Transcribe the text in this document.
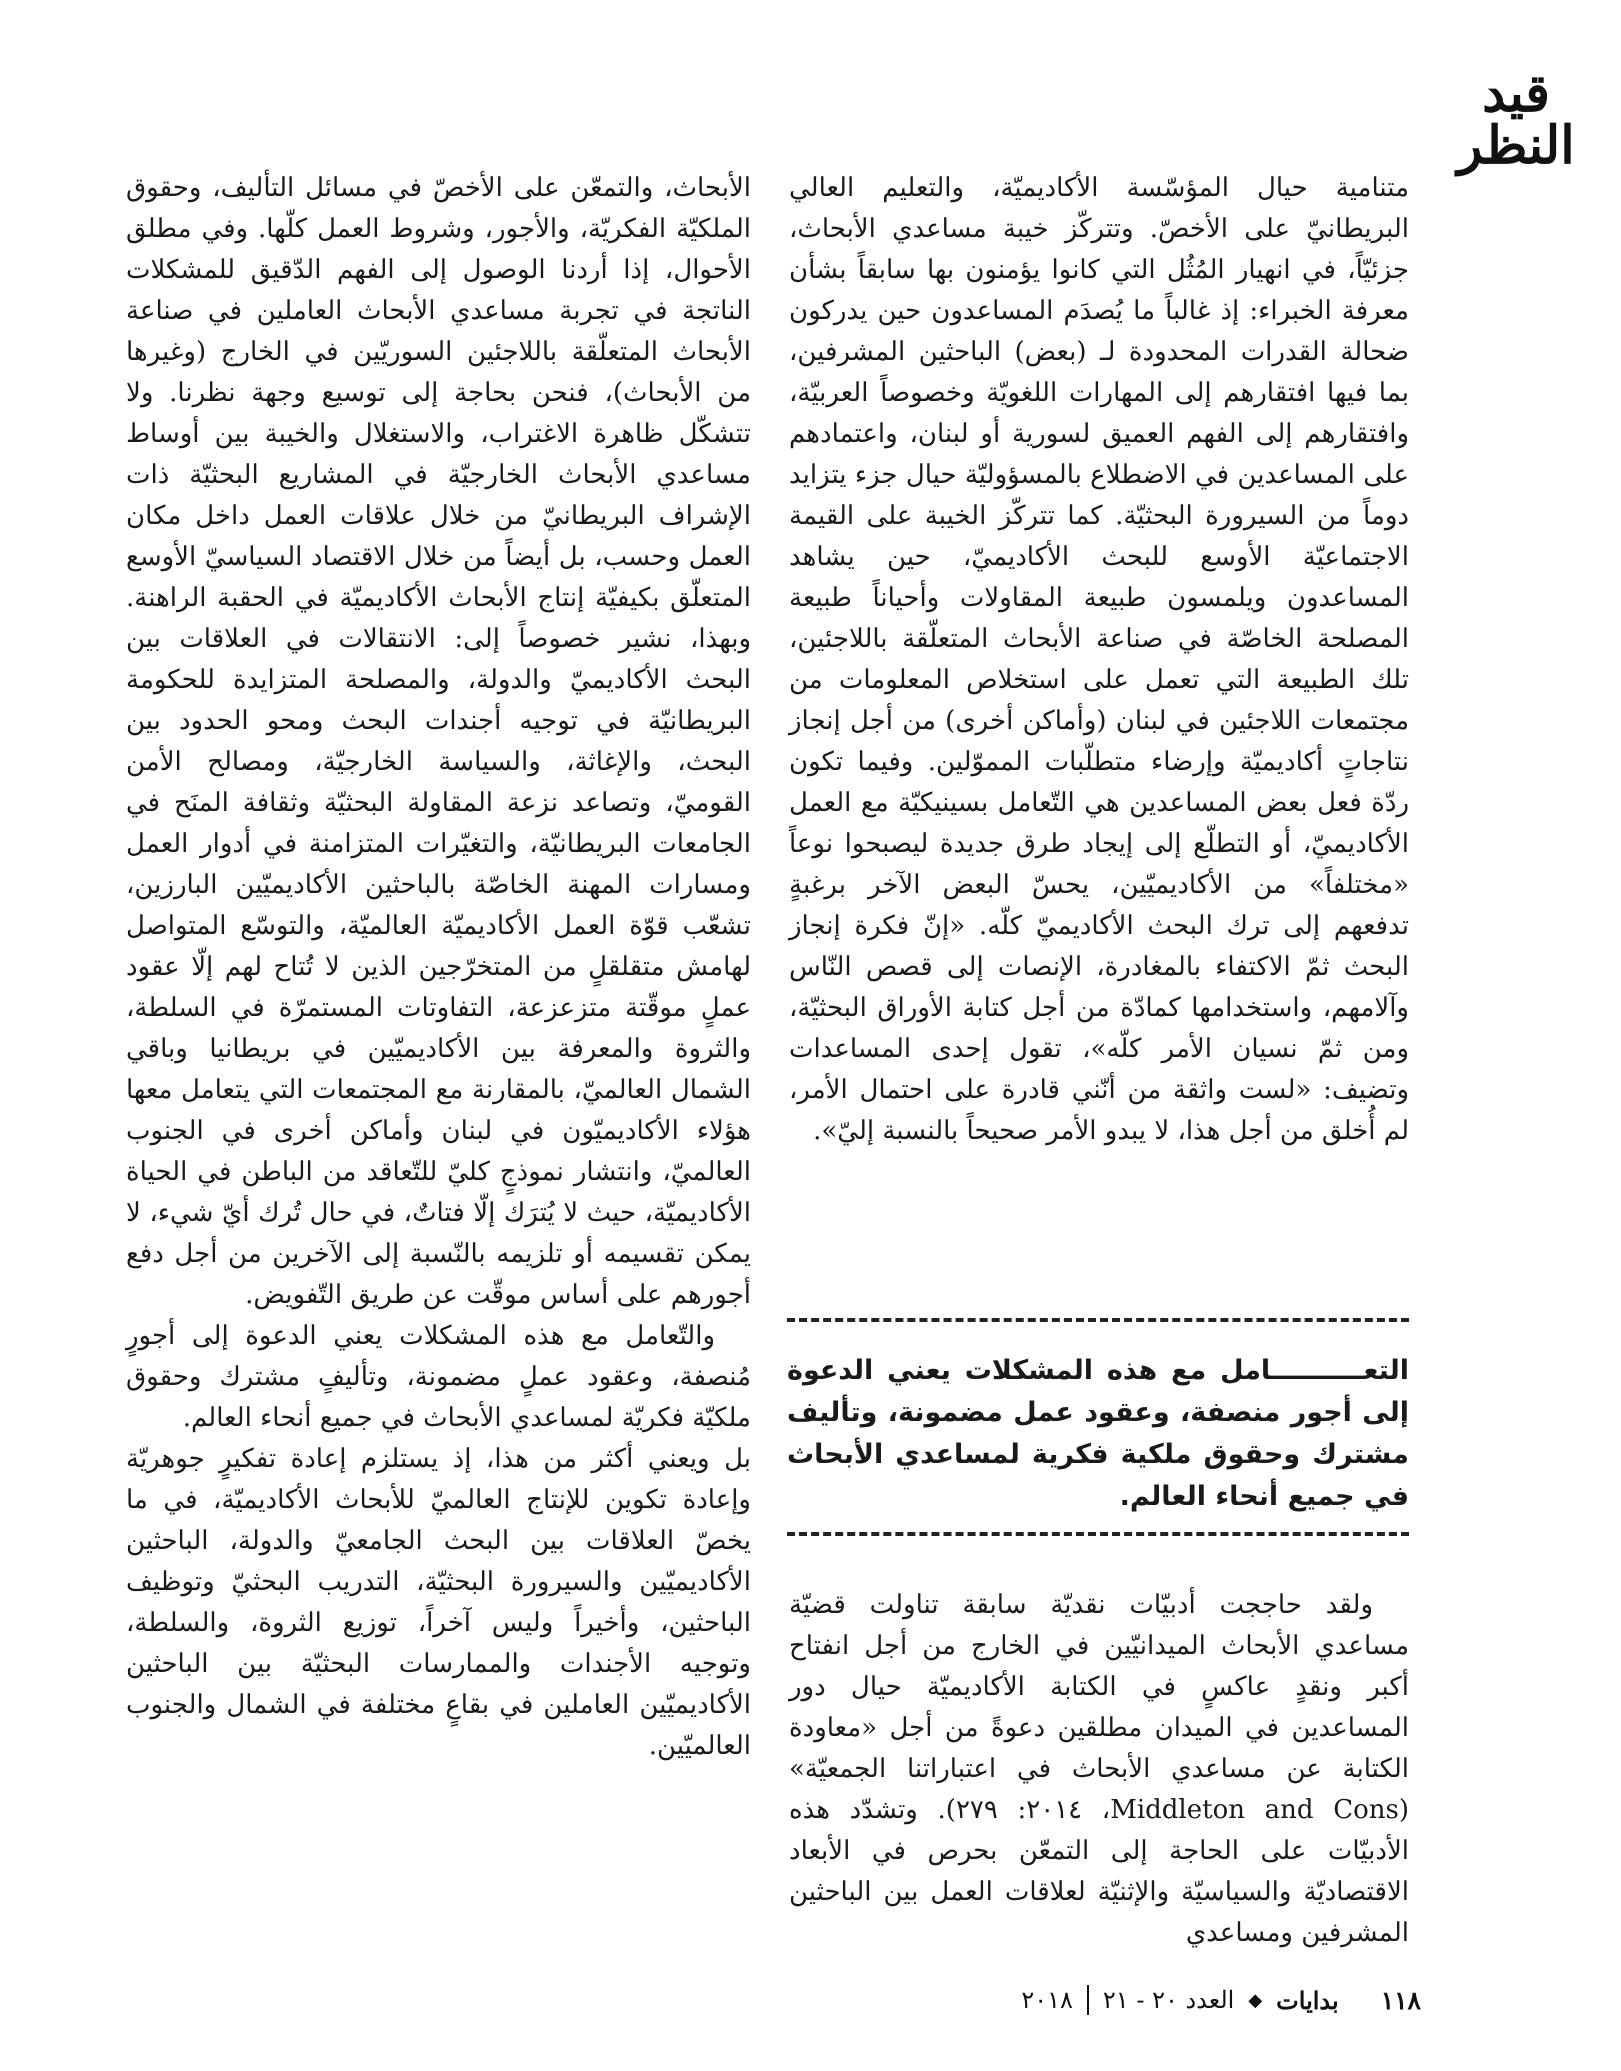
قيد النظر

متنامية حيال المؤسّسة الأكاديميّة، والتعليم العالي البريطانيّ على الأخصّ. وتتركّز خيبة مساعدي الأبحاث، جزئيّاً، في انهيار المُثُل التي كانوا يؤمنون بها سابقاً بشأن معرفة الخبراء: إذ غالباً ما يُصدَم المساعدون حين يدركون ضحالة القدرات المحدودة لـ (بعض) الباحثين المشرفين، بما فيها افتقارهم إلى المهارات اللغويّة وخصوصاً العربيّة، وافتقارهم إلى الفهم العميق لسورية أو لبنان، واعتمادهم على المساعدين في الاضطلاع بالمسؤوليّة حيال جزء يتزايد دوماً من السيرورة البحثيّة. كما تتركّز الخيبة على القيمة الاجتماعيّة الأوسع للبحث الأكاديميّ، حين يشاهد المساعدون ويلمسون طبيعة المقاولات وأحياناً طبيعة المصلحة الخاصّة في صناعة الأبحاث المتعلّقة باللاجئين، تلك الطبيعة التي تعمل على استخلاص المعلومات من مجتمعات اللاجئين في لبنان (وأماكن أخرى) من أجل إنجاز نتاجاتٍ أكاديميّة وإرضاء متطلّبات المموّلين. وفيما تكون ردّة فعل بعض المساعدين هي التّعامل بسينيكيّة مع العمل الأكاديميّ، أو التطلّع إلى إيجاد طرق جديدة ليصبحوا نوعاً «مختلفاً» من الأكاديميّين، يحسّ البعض الآخر برغبةٍ تدفعهم إلى ترك البحث الأكاديميّ كلّه. «إنّ فكرة إنجاز البحث ثمّ الاكتفاء بالمغادرة، الإنصات إلى قصص النّاس وآلامهم، واستخدامها كمادّة من أجل كتابة الأوراق البحثيّة، ومن ثمّ نسيان الأمر كلّه»، تقول إحدى المساعدات وتضيف: «لست واثقة من أنّني قادرة على احتمال الأمر، لم أُخلق من أجل هذا، لا يبدو الأمر صحيحاً بالنسبة إليّ».

التعــــــــــامل مع هذه المشكلات يعني الدعوة إلى أجور منصفة، وعقود عمل مضمونة، وتأليف مشترك وحقوق ملكية فكرية لمساعدي الأبحاث في جميع أنحاء العالم.

ولقد حاججت أدبيّات نقديّة سابقة تناولت قضيّة مساعدي الأبحاث الميدانيّين في الخارج من أجل انفتاح أكبر ونقدٍ عاكسٍ في الكتابة الأكاديميّة حيال دور المساعدين في الميدان مطلقين دعوةً من أجل «معاودة الكتابة عن مساعدي الأبحاث في اعتباراتنا الجمعيّة» (Middleton and Cons، ٢٠١٤: ٢٧٩). وتشدّد هذه الأدبيّات على الحاجة إلى التمعّن بحرص في الأبعاد الاقتصاديّة والسياسيّة والإثنيّة لعلاقات العمل بين الباحثين المشرفين ومساعدي

الأبحاث، والتمعّن على الأخصّ في مسائل التأليف، وحقوق الملكيّة الفكريّة، والأجور، وشروط العمل كلّها. وفي مطلق الأحوال، إذا أردنا الوصول إلى الفهم الدّقيق للمشكلات الناتجة في تجربة مساعدي الأبحاث العاملين في صناعة الأبحاث المتعلّقة باللاجئين السوريّين في الخارج (وغيرها من الأبحاث)، فنحن بحاجة إلى توسيع وجهة نظرنا. ولا تتشكّل ظاهرة الاغتراب، والاستغلال والخيبة بين أوساط مساعدي الأبحاث الخارجيّة في المشاريع البحثيّة ذات الإشراف البريطانيّ من خلال علاقات العمل داخل مكان العمل وحسب، بل أيضاً من خلال الاقتصاد السياسيّ الأوسع المتعلّق بكيفيّة إنتاج الأبحاث الأكاديميّة في الحقبة الراهنة. وبهذا، نشير خصوصاً إلى: الانتقالات في العلاقات بين البحث الأكاديميّ والدولة، والمصلحة المتزايدة للحكومة البريطانيّة في توجيه أجندات البحث ومحو الحدود بين البحث، والإغاثة، والسياسة الخارجيّة، ومصالح الأمن القوميّ، وتصاعد نزعة المقاولة البحثيّة وثقافة المنَح في الجامعات البريطانيّة، والتغيّرات المتزامنة في أدوار العمل ومسارات المهنة الخاصّة بالباحثين الأكاديميّين البارزين، تشعّب قوّة العمل الأكاديميّة العالميّة، والتوسّع المتواصل لهامش متقلقلٍ من المتخرّجين الذين لا تُتاح لهم إلّا عقود عملٍ موقّتة متزعزعة، التفاوتات المستمرّة في السلطة، والثروة والمعرفة بين الأكاديميّين في بريطانيا وباقي الشمال العالميّ، بالمقارنة مع المجتمعات التي يتعامل معها هؤلاء الأكاديميّون في لبنان وأماكن أخرى في الجنوب العالميّ، وانتشار نموذجٍ كليّ للتّعاقد من الباطن في الحياة الأكاديميّة، حيث لا يُترَك إلّا فتاتٌ، في حال تُرك أيّ شيء، لا يمكن تقسيمه أو تلزيمه بالنّسبة إلى الآخرين من أجل دفع أجورهم على أساس موقّت عن طريق التّفويض.

والتّعامل مع هذه المشكلات يعني الدعوة إلى أجورٍ مُنصفة، وعقود عملٍ مضمونة، وتأليفٍ مشترك وحقوق ملكيّة فكريّة لمساعدي الأبحاث في جميع أنحاء العالم.

بل ويعني أكثر من هذا، إذ يستلزم إعادة تفكيرٍ جوهريّة وإعادة تكوين للإنتاج العالميّ للأبحاث الأكاديميّة، في ما يخصّ العلاقات بين البحث الجامعيّ والدولة، الباحثين الأكاديميّين والسيرورة البحثيّة، التدريب البحثيّ وتوظيف الباحثين، وأخيراً وليس آخراً، توزيع الثروة، والسلطة، وتوجيه الأجندات والممارسات البحثيّة بين الباحثين الأكاديميّين العاملين في بقاعٍ مختلفة في الشمال والجنوب العالميّين.

١١٨
بدايات
◆
العدد ٢٠ - ٢١
٢٠١٨
